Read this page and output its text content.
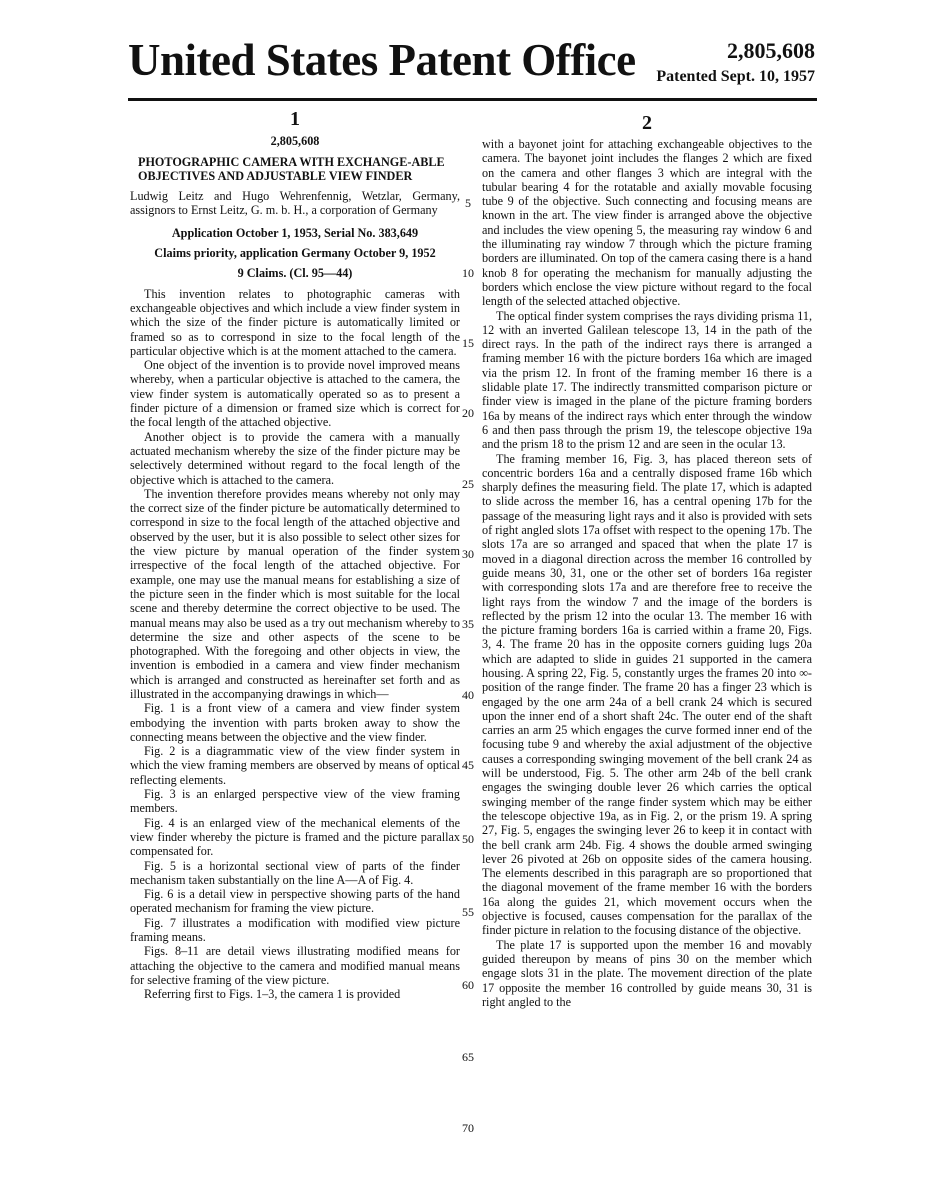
United States Patent Office	2,805,608
Patented Sept. 10, 1957
2
1
2,805,608
PHOTOGRAPHIC CAMERA WITH EXCHANGE-ABLE OBJECTIVES AND ADJUSTABLE VIEW FINDER
Ludwig Leitz and Hugo Wehrenfennig, Wetzlar, Germany, assignors to Ernst Leitz, G. m. b. H., a corporation of Germany
Application October 1, 1953, Serial No. 383,649
Claims priority, application Germany October 9, 1952
9 Claims. (Cl. 95—44)

This invention relates to photographic cameras with exchangeable objectives and which include a view finder system in which the size of the finder picture is automatically limited or framed so as to correspond in size to the focal length of the particular objective which is at the moment attached to the camera.

One object of the invention is to provide novel improved means whereby, when a particular objective is attached to the camera, the view finder system is automatically operated so as to present a finder picture of a dimension or framed size which is correct for the focal length of the attached objective.

Another object is to provide the camera with a manually actuated mechanism whereby the size of the finder picture may be selectively determined without regard to the focal length of the objective which is attached to the camera.

The invention therefore provides means whereby not only may the correct size of the finder picture be automatically determined to correspond in size to the focal length of the attached objective and observed by the user, but it is also possible to select other sizes for the view picture by manual operation of the finder system irrespective of the focal length of the attached objective. For example, one may use the manual means for establishing a size of the picture seen in the finder which is most suitable for the local scene and thereby determine the correct objective to be used. The manual means may also be used as a try out mechanism whereby to determine the size and other aspects of the scene to be photographed. With the foregoing and other objects in view, the invention is embodied in a camera and view finder mechanism which is arranged and constructed as hereinafter set forth and as illustrated in the accompanying drawings in which—

Fig. 1 is a front view of a camera and view finder system embodying the invention with parts broken away to show the connecting means between the objective and the view finder.

Fig. 2 is a diagrammatic view of the view finder system in which the view framing members are observed by means of optical reflecting elements.

Fig. 3 is an enlarged perspective view of the view framing members.

Fig. 4 is an enlarged view of the mechanical elements of the view finder whereby the picture is framed and the picture parallax compensated for.

Fig. 5 is a horizontal sectional view of parts of the finder mechanism taken substantially on the line A—A of Fig. 4.

Fig. 6 is a detail view in perspective showing parts of the hand operated mechanism for framing the view picture.

Fig. 7 illustrates a modification with modified view picture framing means.

Figs. 8–11 are detail views illustrating modified means for attaching the objective to the camera and modified manual means for selective framing of the view picture.

Referring first to Figs. 1–3, the camera 1 is provided

with a bayonet joint for attaching exchangeable objectives to the camera. The bayonet joint includes the flanges 2 which are fixed on the camera and other flanges 3 which are integral with the tubular bearing 4 for the rotatable and axially movable focusing tube 9 of the objective. Such connecting and focusing means are known in the art. The view finder is arranged above the objective and includes the view opening 5, the measuring ray window 6 and the illuminating ray window 7 through which the picture framing borders are illuminated. On top of the camera casing there is a hand knob 8 for operating the mechanism for manually adjusting the borders which enclose the view picture without regard to the focal length of the selected attached objective.

The optical finder system comprises the rays dividing prisma 11, 12 with an inverted Galilean telescope 13, 14 in the path of the direct rays. In the path of the indirect rays there is arranged a framing member 16 with the picture borders 16a which are imaged via the prism 12. In front of the framing member 16 there is a slidable plate 17. The indirectly transmitted comparison picture or finder view is imaged in the plane of the picture framing borders 16a by means of the indirect rays which enter through the window 6 and then pass through the prism 19, the telescope objective 19a and the prism 18 to the prism 12 and are seen in the ocular 13.

The framing member 16, Fig. 3, has placed thereon sets of concentric borders 16a and a centrally disposed frame 16b which sharply defines the measuring field. The plate 17, which is adapted to slide across the member 16, has a central opening 17b for the passage of the measuring light rays and it also is provided with sets of right angled slots 17a offset with respect to the opening 17b. The slots 17a are so arranged and spaced that when the plate 17 is moved in a diagonal direction across the member 16 controlled by guide means 30, 31, one or the other set of borders 16a register with corresponding slots 17a and are therefore free to receive the light rays from the window 7 and the image of the borders is reflected by the prism 12 into the ocular 13. The member 16 with the picture framing borders 16a is carried within a frame 20, Figs. 3, 4. The frame 20 has in the opposite corners guiding lugs 20a which are adapted to slide in guides 21 supported in the camera housing. A spring 22, Fig. 5, constantly urges the frames 20 into ∞-position of the range finder. The frame 20 has a finger 23 which is engaged by the one arm 24a of a bell crank 24 which is secured upon the inner end of a short shaft 24c. The outer end of the shaft carries an arm 25 which engages the curve formed inner end of the focusing tube 9 and whereby the axial adjustment of the objective causes a corresponding swinging movement of the bell crank 24 as will be understood, Fig. 5. The other arm 24b of the bell crank engages the swinging double lever 26 which carries the optical swinging member of the range finder system which may be either the telescope objective 19a, as in Fig. 2, or the prism 19. A spring 27, Fig. 5, engages the swinging lever 26 to keep it in contact with the bell crank arm 24b. Fig. 4 shows the double armed swinging lever 26 pivoted at 26b on opposite sides of the camera housing. The elements described in this paragraph are so proportioned that the diagonal movement of the frame member 16 with the borders 16a along the guides 21, which movement occurs when the objective is focused, causes compensation for the parallax of the finder picture in relation to the focusing distance of the objective.

The plate 17 is supported upon the member 16 and movably guided thereupon by means of pins 30 on the member which engage slots 31 in the plate. The movement direction of the plate 17 opposite the member 16 controlled by guide means 30, 31 is right angled to the

5
10
15
20
25
30
35
40
45
50
55
60
65
70
